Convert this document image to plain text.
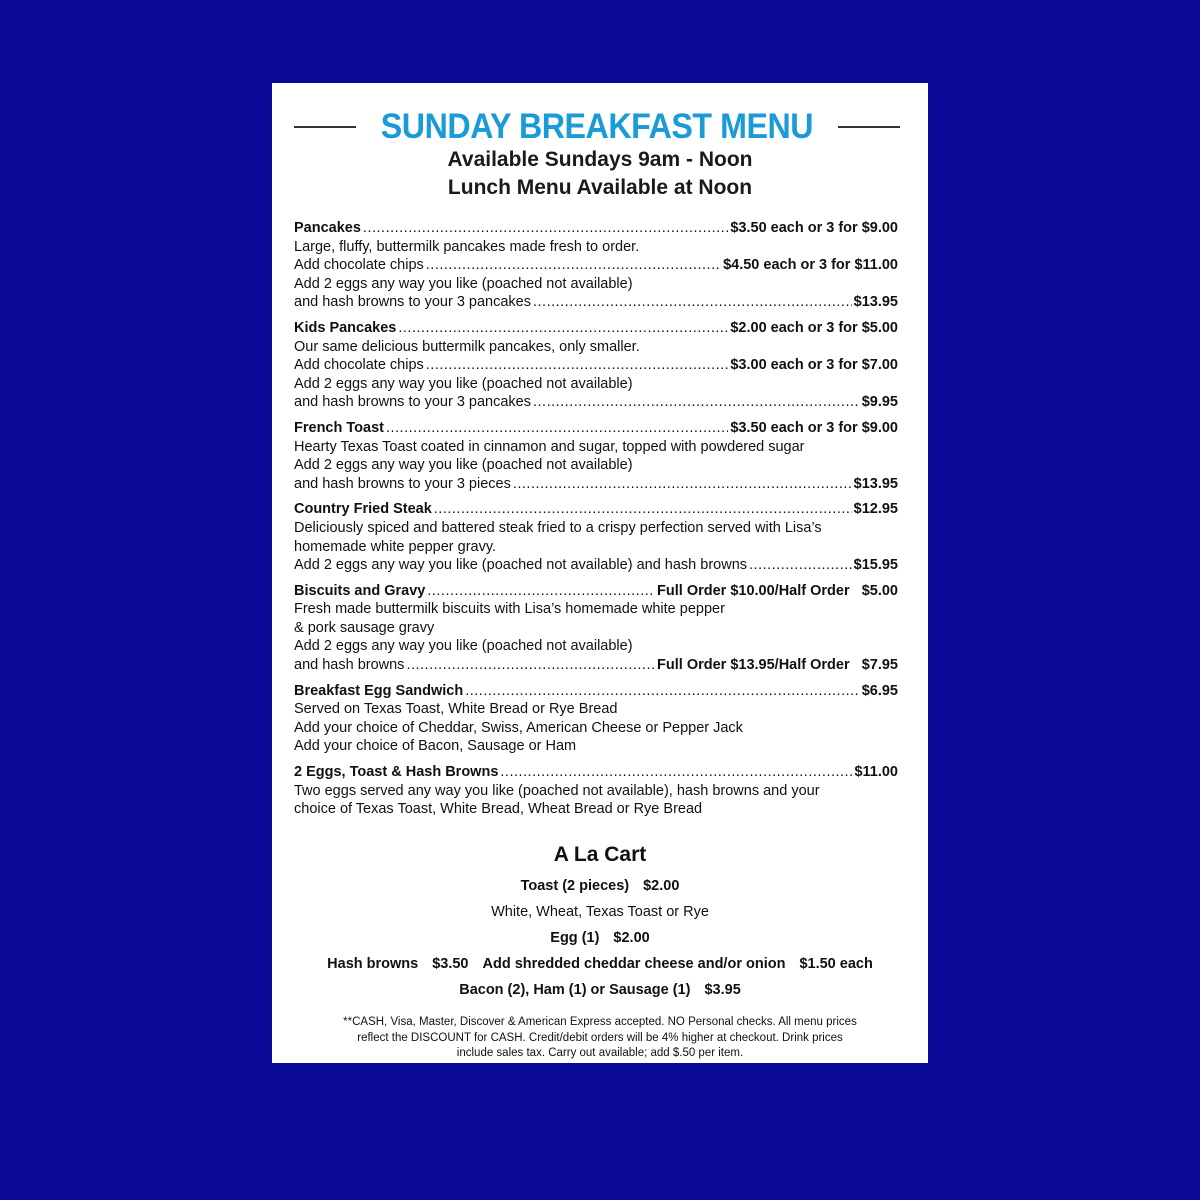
SUNDAY BREAKFAST MENU
Available Sundays 9am - Noon
Lunch Menu Available at Noon
Pancakes .....	$3.50 each or 3 for $9.00
Large, fluffy, buttermilk pancakes made fresh to order.
Add chocolate chips .....	$4.50 each or 3 for $11.00
Add 2 eggs any way you like (poached not available)
and hash browns to your 3 pancakes .....	$13.95
Kids Pancakes .....	$2.00 each or 3 for $5.00
Our same delicious buttermilk pancakes, only smaller.
Add chocolate chips .....	$3.00 each or 3 for $7.00
Add 2 eggs any way you like (poached not available)
and hash browns to your 3 pancakes .....	$9.95
French Toast .....	$3.50 each or 3 for $9.00
Hearty Texas Toast coated in cinnamon and sugar, topped with powdered sugar
Add 2 eggs any way you like (poached not available)
and hash browns to your 3 pieces .....	$13.95
Country Fried Steak .....	$12.95
Deliciously spiced and battered steak fried to a crispy perfection served with Lisa’s
homemade white pepper gravy.
Add 2 eggs any way you like (poached not available) and hash browns .....	$15.95
Biscuits and Gravy .....	Full Order $10.00/Half Order   $5.00
Fresh made buttermilk biscuits with Lisa’s homemade white pepper
& pork sausage gravy
Add 2 eggs any way you like (poached not available)
and hash browns .....	Full Order $13.95/Half Order   $7.95
Breakfast Egg Sandwich .....	$6.95
Served on Texas Toast, White Bread or Rye Bread
Add your choice of Cheddar, Swiss, American Cheese or Pepper Jack
Add your choice of Bacon, Sausage or Ham
2 Eggs, Toast & Hash Browns .....	$11.00
Two eggs served any way you like (poached not available), hash browns and your
choice of Texas Toast, White Bread, Wheat Bread or Rye Bread
A La Cart
Toast (2 pieces) $2.00
White, Wheat, Texas Toast or Rye
Egg (1) $2.00
Hash browns $3.50 Add shredded cheddar cheese and/or onion $1.50 each
Bacon (2), Ham (1) or Sausage (1) $3.95
**CASH, Visa, Master, Discover & American Express accepted. NO Personal checks. All menu prices
reflect the DISCOUNT for CASH. Credit/debit orders will be 4% higher at checkout. Drink prices
include sales tax. Carry out available; add $.50 per item.
